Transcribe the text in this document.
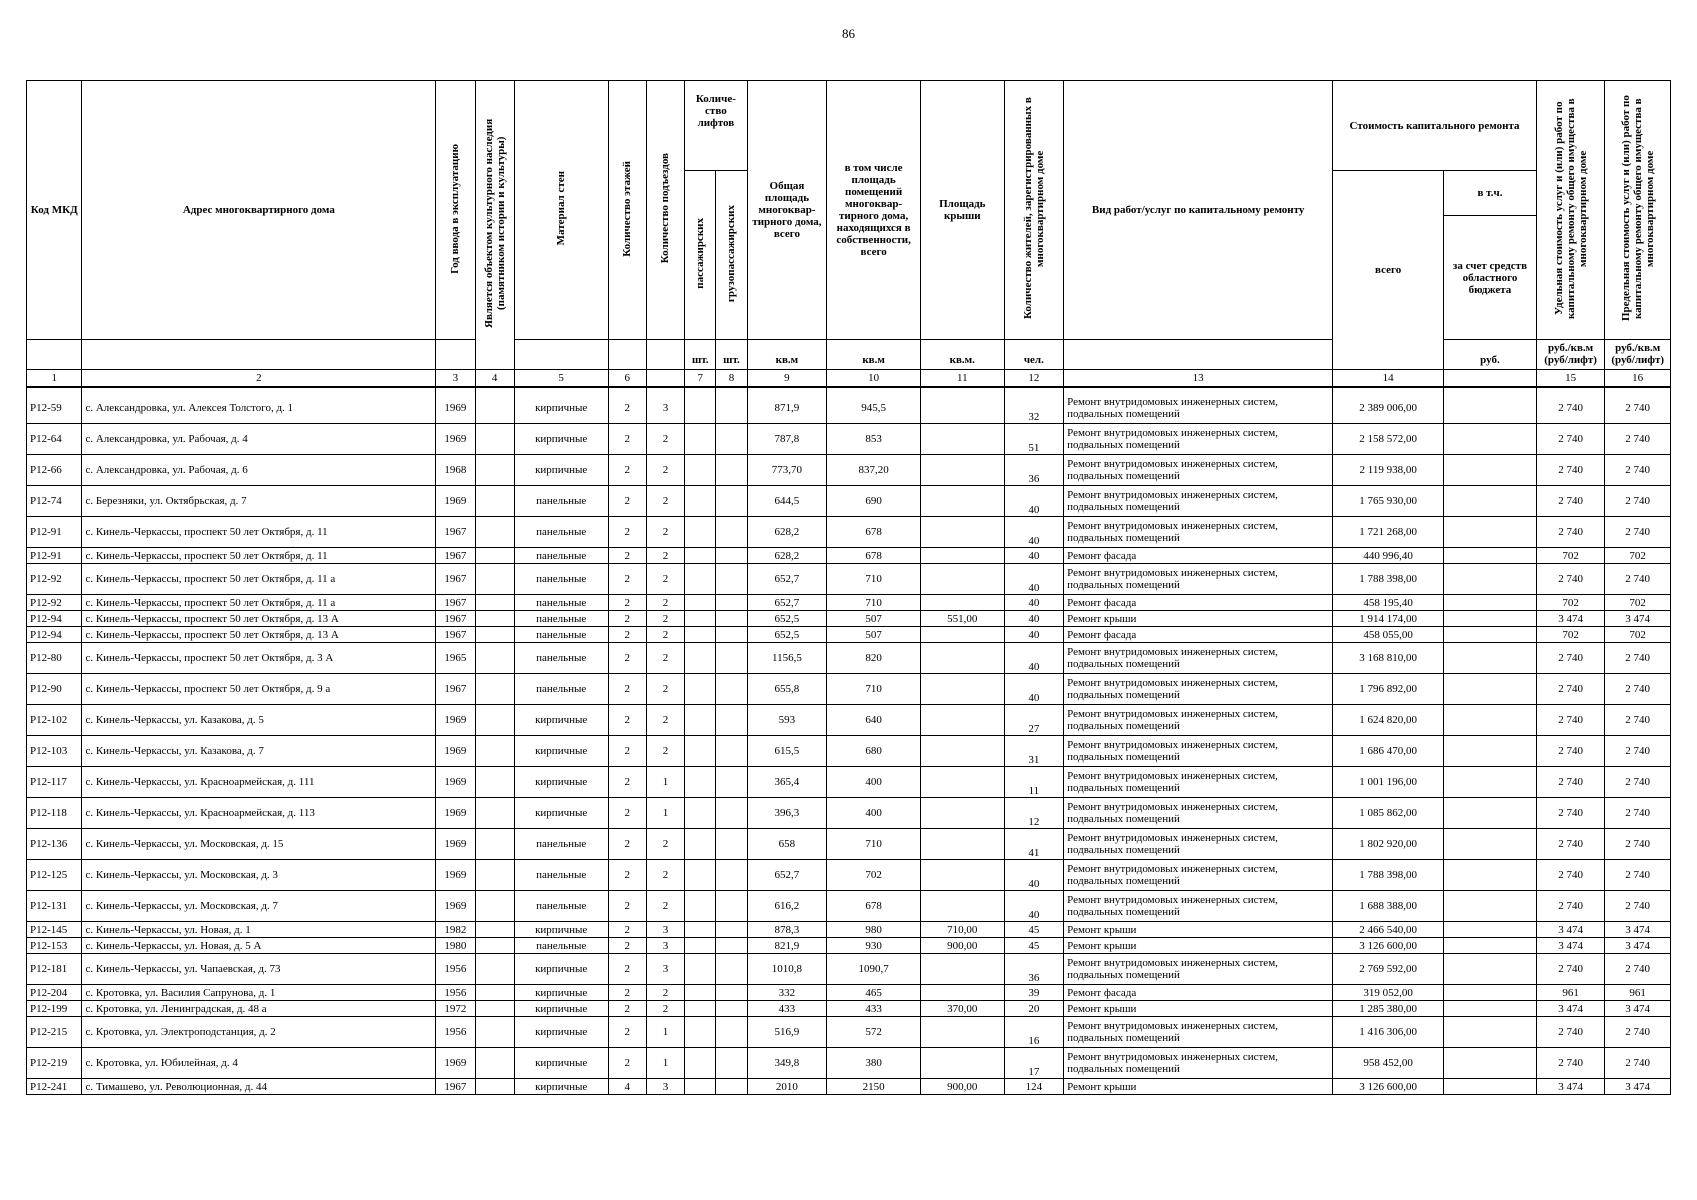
86
Код МКД	Адрес многоквартирного дома	Год ввода в эксплуатацию	Является объектом культурного наследия (памятником истории и культуры)	Материал стен	Количество этажей	Количество подъездов	Количе-ство лифтов		Общая площадь многоквар-тирного дома, всего	в том числе площадь помещений многоквар-тирного дома, находящихся в собственности, всего	Площадь крыши	Количество жителей, зарегистрированных в многоквартирном доме	Вид работ/услуг по капитальному ремонту	Стоимость капитального ремонта		Удельная стоимость услуг и (или) работ по капитальному ремонту общего имущества в многоквартирном доме	Предельная стоимость услуг и (или) работ по капитальному ремонту общего имущества в многоквартирном доме
							пассажирских	грузопассажирских						всего	в т.ч.		
															за счет средств областного бюджета		
							шт.	шт.	кв.м	кв.м	кв.м.	чел.			руб.	руб./кв.м (руб/лифт)	руб./кв.м (руб/лифт)
1	2	3	4	5	6		7	8	9	10	11	12	13	14		15	16
P12-59	с. Александровка, ул. Алексея Толстого, д. 1	1969		кирпичные	2	3			871,9	945,5		32	Ремонт внутридомовых инженерных систем, подвальных помещений	2 389 006,00		2 740	2 740
P12-64	с. Александровка, ул. Рабочая, д. 4	1969		кирпичные	2	2			787,8	853		51	Ремонт внутридомовых инженерных систем, подвальных помещений	2 158 572,00		2 740	2 740
P12-66	с. Александровка, ул. Рабочая, д. 6	1968		кирпичные	2	2			773,70	837,20		36	Ремонт внутридомовых инженерных систем, подвальных помещений	2 119 938,00		2 740	2 740
P12-74	с. Березняки, ул. Октябрьская, д. 7	1969		панельные	2	2			644,5	690		40	Ремонт внутридомовых инженерных систем, подвальных помещений	1 765 930,00		2 740	2 740
P12-91	с. Кинель-Черкассы, проспект 50 лет Октября, д. 11	1967		панельные	2	2			628,2	678		40	Ремонт внутридомовых инженерных систем, подвальных помещений	1 721 268,00		2 740	2 740
P12-91	с. Кинель-Черкассы, проспект 50 лет Октября, д. 11	1967		панельные	2	2			628,2	678		40	Ремонт фасада	440 996,40		702	702
P12-92	с. Кинель-Черкассы, проспект 50 лет Октября, д. 11 а	1967		панельные	2	2			652,7	710		40	Ремонт внутридомовых инженерных систем, подвальных помещений	1 788 398,00		2 740	2 740
P12-92	с. Кинель-Черкассы, проспект 50 лет Октября, д. 11 а	1967		панельные	2	2			652,7	710		40	Ремонт фасада	458 195,40		702	702
P12-94	с. Кинель-Черкассы, проспект 50 лет Октября, д. 13 А	1967		панельные	2	2			652,5	507	551,00	40	Ремонт крыши	1 914 174,00		3 474	3 474
P12-94	с. Кинель-Черкассы, проспект 50 лет Октября, д. 13 А	1967		панельные	2	2			652,5	507		40	Ремонт фасада	458 055,00		702	702
P12-80	с. Кинель-Черкассы, проспект 50 лет Октября, д. 3 А	1965		панельные	2	2			1156,5	820		40	Ремонт внутридомовых инженерных систем, подвальных помещений	3 168 810,00		2 740	2 740
P12-90	с. Кинель-Черкассы, проспект 50 лет Октября, д. 9 а	1967		панельные	2	2			655,8	710		40	Ремонт внутридомовых инженерных систем, подвальных помещений	1 796 892,00		2 740	2 740
P12-102	с. Кинель-Черкассы, ул. Казакова, д. 5	1969		кирпичные	2	2			593	640		27	Ремонт внутридомовых инженерных систем, подвальных помещений	1 624 820,00		2 740	2 740
P12-103	с. Кинель-Черкассы, ул. Казакова, д. 7	1969		кирпичные	2	2			615,5	680		31	Ремонт внутридомовых инженерных систем, подвальных помещений	1 686 470,00		2 740	2 740
P12-117	с. Кинель-Черкассы, ул. Красноармейская, д. 111	1969		кирпичные	2	1			365,4	400		11	Ремонт внутридомовых инженерных систем, подвальных помещений	1 001 196,00		2 740	2 740
P12-118	с. Кинель-Черкассы, ул. Красноармейская, д. 113	1969		кирпичные	2	1			396,3	400		12	Ремонт внутридомовых инженерных систем, подвальных помещений	1 085 862,00		2 740	2 740
P12-136	с. Кинель-Черкассы, ул. Московская, д. 15	1969		панельные	2	2			658	710		41	Ремонт внутридомовых инженерных систем, подвальных помещений	1 802 920,00		2 740	2 740
P12-125	с. Кинель-Черкассы, ул. Московская, д. 3	1969		панельные	2	2			652,7	702		40	Ремонт внутридомовых инженерных систем, подвальных помещений	1 788 398,00		2 740	2 740
P12-131	с. Кинель-Черкассы, ул. Московская, д. 7	1969		панельные	2	2			616,2	678		40	Ремонт внутридомовых инженерных систем, подвальных помещений	1 688 388,00		2 740	2 740
P12-145	с. Кинель-Черкассы, ул. Новая, д. 1	1982		кирпичные	2	3			878,3	980	710,00	45	Ремонт крыши	2 466 540,00		3 474	3 474
P12-153	с. Кинель-Черкассы, ул. Новая, д. 5 А	1980		панельные	2	3			821,9	930	900,00	45	Ремонт крыши	3 126 600,00		3 474	3 474
P12-181	с. Кинель-Черкассы, ул. Чапаевская, д. 73	1956		кирпичные	2	3			1010,8	1090,7		36	Ремонт внутридомовых инженерных систем, подвальных помещений	2 769 592,00		2 740	2 740
P12-204	с. Кротовка, ул. Василия Сапрунова, д. 1	1956		кирпичные	2	2			332	465		39	Ремонт фасада	319 052,00		961	961
P12-199	с. Кротовка, ул. Ленинградская, д. 48 а	1972		кирпичные	2	2			433	433	370,00	20	Ремонт крыши	1 285 380,00		3 474	3 474
P12-215	с. Кротовка, ул. Электроподстанция, д. 2	1956		кирпичные	2	1			516,9	572		16	Ремонт внутридомовых инженерных систем, подвальных помещений	1 416 306,00		2 740	2 740
P12-219	с. Кротовка, ул. Юбилейная, д. 4	1969		кирпичные	2	1			349,8	380		17	Ремонт внутридомовых инженерных систем, подвальных помещений	958 452,00		2 740	2 740
P12-241	с. Тимашево, ул. Революционная, д. 44	1967		кирпичные	4	3			2010	2150	900,00	124	Ремонт крыши	3 126 600,00		3 474	3 474
